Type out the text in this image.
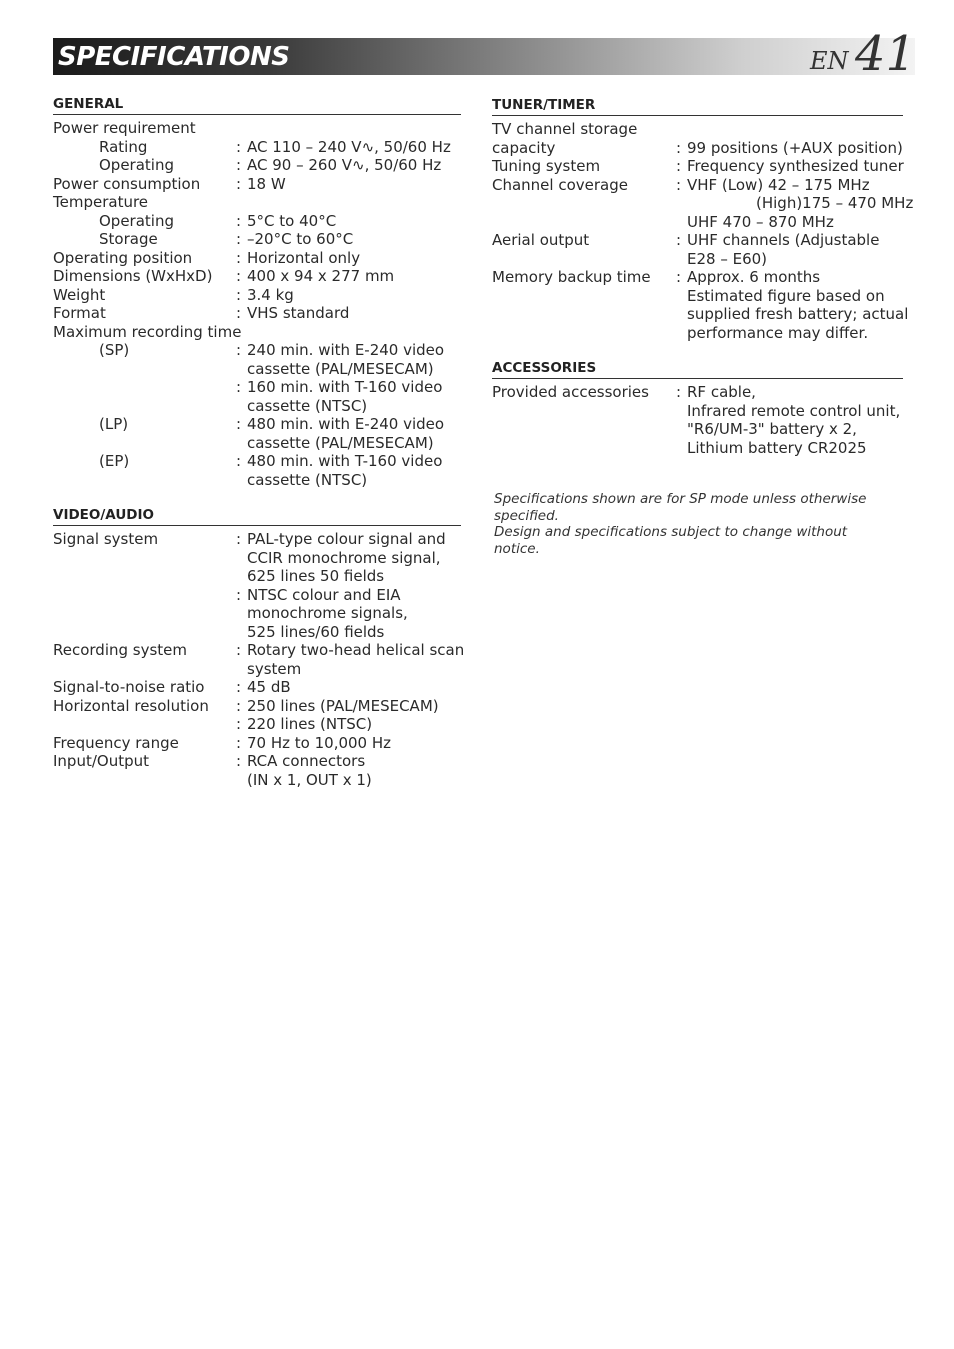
SPECIFICATIONS	EN 41
GENERAL
Power requirement
Rating	: AC 110 – 240 V∿, 50/60 Hz
Operating	: AC 90 – 260 V∿, 50/60 Hz
Power consumption : 18 W
Temperature
Operating	: 5°C to 40°C
Storage	: –20°C to 60°C
Operating position	: Horizontal only
Dimensions (WxHxD) : 400 x 94 x 277 mm
Weight	: 3.4 kg
Format	: VHS standard
Maximum recording time
(SP)	: 240 min. with E-240 video
cassette (PAL/MESECAM)
: 160 min. with T-160 video
cassette (NTSC)
(LP)	: 480 min. with E-240 video
cassette (PAL/MESECAM)
(EP)	: 480 min. with T-160 video
cassette (NTSC)
VIDEO/AUDIO
Signal system	: PAL-type colour signal and
CCIR monochrome signal,
625 lines 50 fields
: NTSC colour and EIA
monochrome signals,
525 lines/60 fields
Recording system	: Rotary two-head helical scan
system
Signal-to-noise ratio : 45 dB
Horizontal resolution : 250 lines (PAL/MESECAM)
: 220 lines (NTSC)
Frequency range	: 70 Hz to 10,000 Hz
Input/Output	: RCA connectors
(IN x 1, OUT x 1)
TUNER/TIMER
TV channel storage
capacity	: 99 positions (+AUX position)
Tuning system	: Frequency synthesized tuner
Channel coverage	: VHF (Low) 42 – 175 MHz
(High)175 – 470 MHz
UHF 470 – 870 MHz
Aerial output	: UHF channels (Adjustable
E28 – E60)
Memory backup time : Approx. 6 months
Estimated figure based on
supplied fresh battery; actual
performance may differ.
ACCESSORIES
Provided accessories : RF cable,
Infrared remote control unit,
"R6/UM-3" battery x 2,
Lithium battery CR2025

Specifications shown are for SP mode unless otherwise specified.

Design and specifications subject to change without notice.
